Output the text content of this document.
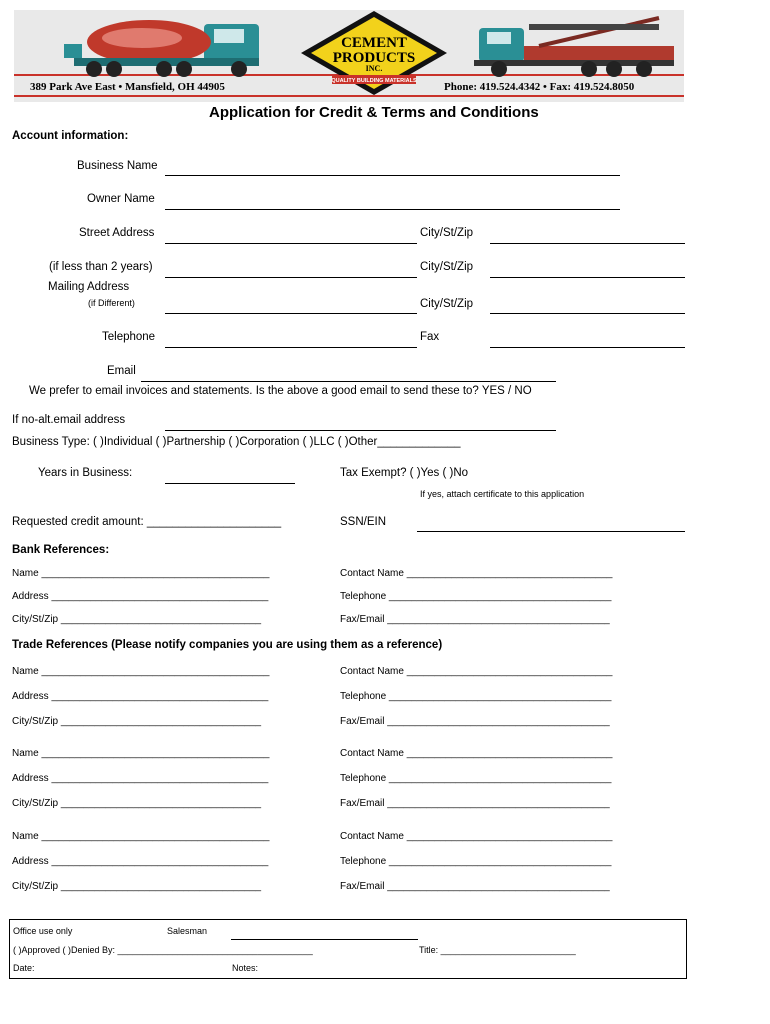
CEMENT
PRODUCTS
INC.
QUALITY BUILDING MATERIALS
389 Park Ave East • Mansfield, OH 44905	Phone: 419.524.4342 • Fax: 419.524.8050
Application for Credit & Terms and Conditions
Account information:
Business Name
Owner Name
Street Address	City/St/Zip
(if less than 2 years)	City/St/Zip
Mailing Address
(if Different)	City/St/Zip
Telephone	Fax
Email
We prefer to email invoices and statements. Is the above a good email to send these to? YES / NO
If no-alt.email address
Business Type: ( )Individual ( )Partnership ( )Corporation ( )LLC ( )Other_____________
Years in Business:	Tax Exempt? ( )Yes ( )No
If yes, attach certificate to this application
Requested credit amount: _____________________	SSN/EIN
Bank References:
Name _________________________________________	Contact Name _____________________________________
Address _______________________________________	Telephone ________________________________________
City/St/Zip ____________________________________	Fax/Email ________________________________________
Trade References (Please notify companies you are using them as a reference)
Name _________________________________________	Contact Name _____________________________________
Address _______________________________________	Telephone ________________________________________
City/St/Zip ____________________________________	Fax/Email ________________________________________
Name _________________________________________	Contact Name _____________________________________
Address _______________________________________	Telephone ________________________________________
City/St/Zip ____________________________________	Fax/Email ________________________________________
Name _________________________________________	Contact Name _____________________________________
Address _______________________________________	Telephone ________________________________________
City/St/Zip ____________________________________	Fax/Email ________________________________________
Office use only	Salesman
( )Approved ( )Denied By: _______________________________________	Title: ___________________________
Date:	Notes:
